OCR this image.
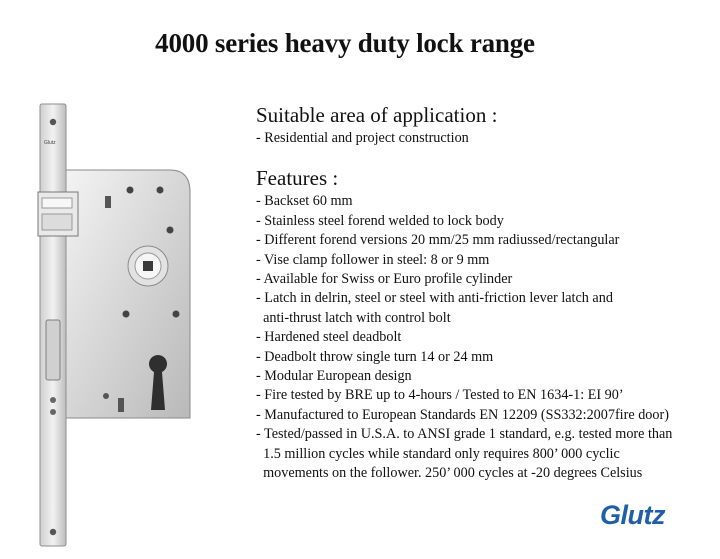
4000 series heavy duty lock range
Glutz
Suitable area of application :
- Residential and project construction
Features :
- Backset 60 mm
- Stainless steel forend welded to lock body
- Different forend versions 20 mm/25 mm radiussed/rectangular
- Vise clamp follower in steel: 8 or 9 mm
- Available for Swiss or Euro profile cylinder
- Latch in delrin, steel or steel with anti-friction lever latch and
anti-thrust latch with control bolt
- Hardened steel deadbolt
- Deadbolt throw single turn 14 or 24 mm
- Modular European design
- Fire tested by BRE up to 4-hours / Tested to EN 1634-1: EI 90’
- Manufactured to European Standards EN 12209 (SS332:2007fire door)
- Tested/passed in U.S.A. to ANSI grade 1 standard, e.g. tested more than
1.5 million cycles while standard only requires 800’ 000 cyclic
movements on the follower. 250’ 000 cycles at -20 degrees Celsius
Glutz
